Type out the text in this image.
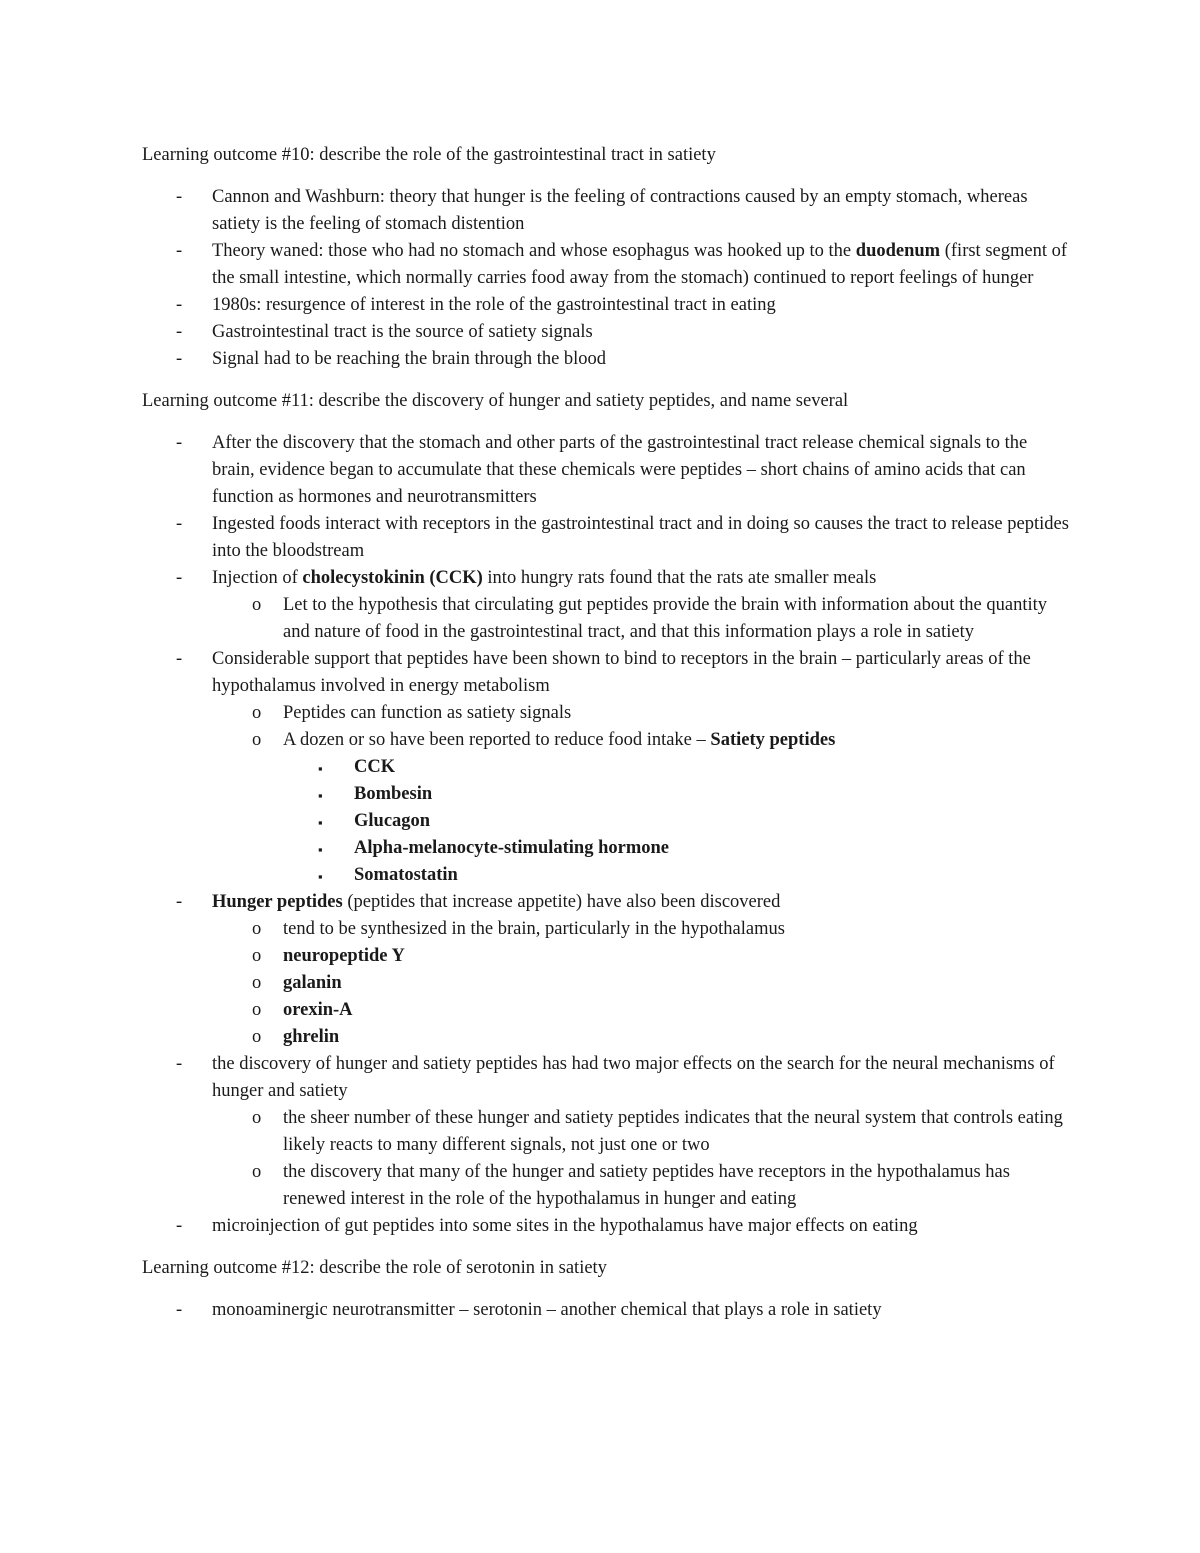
Learning outcome #10: describe the role of the gastrointestinal tract in satiety

- Cannon and Washburn: theory that hunger is the feeling of contractions caused by an empty stomach, whereas satiety is the feeling of stomach distention
- Theory waned: those who had no stomach and whose esophagus was hooked up to the duodenum (first segment of the small intestine, which normally carries food away from the stomach) continued to report feelings of hunger
- 1980s: resurgence of interest in the role of the gastrointestinal tract in eating
- Gastrointestinal tract is the source of satiety signals
- Signal had to be reaching the brain through the blood

Learning outcome #11: describe the discovery of hunger and satiety peptides, and name several

- After the discovery that the stomach and other parts of the gastrointestinal tract release chemical signals to the brain, evidence began to accumulate that these chemicals were peptides – short chains of amino acids that can function as hormones and neurotransmitters
- Ingested foods interact with receptors in the gastrointestinal tract and in doing so causes the tract to release peptides into the bloodstream
- Injection of cholecystokinin (CCK) into hungry rats found that the rats ate smaller meals
o Let to the hypothesis that circulating gut peptides provide the brain with information about the quantity and nature of food in the gastrointestinal tract, and that this information plays a role in satiety
- Considerable support that peptides have been shown to bind to receptors in the brain – particularly areas of the hypothalamus involved in energy metabolism
o Peptides can function as satiety signals
o A dozen or so have been reported to reduce food intake – Satiety peptides
▪ CCK
▪ Bombesin
▪ Glucagon
▪ Alpha-melanocyte-stimulating hormone
▪ Somatostatin
- Hunger peptides (peptides that increase appetite) have also been discovered
o tend to be synthesized in the brain, particularly in the hypothalamus
o neuropeptide Y
o galanin
o orexin-A
o ghrelin
- the discovery of hunger and satiety peptides has had two major effects on the search for the neural mechanisms of hunger and satiety
o the sheer number of these hunger and satiety peptides indicates that the neural system that controls eating likely reacts to many different signals, not just one or two
o the discovery that many of the hunger and satiety peptides have receptors in the hypothalamus has renewed interest in the role of the hypothalamus in hunger and eating
- microinjection of gut peptides into some sites in the hypothalamus have major effects on eating

Learning outcome #12: describe the role of serotonin in satiety

- monoaminergic neurotransmitter – serotonin – another chemical that plays a role in satiety
